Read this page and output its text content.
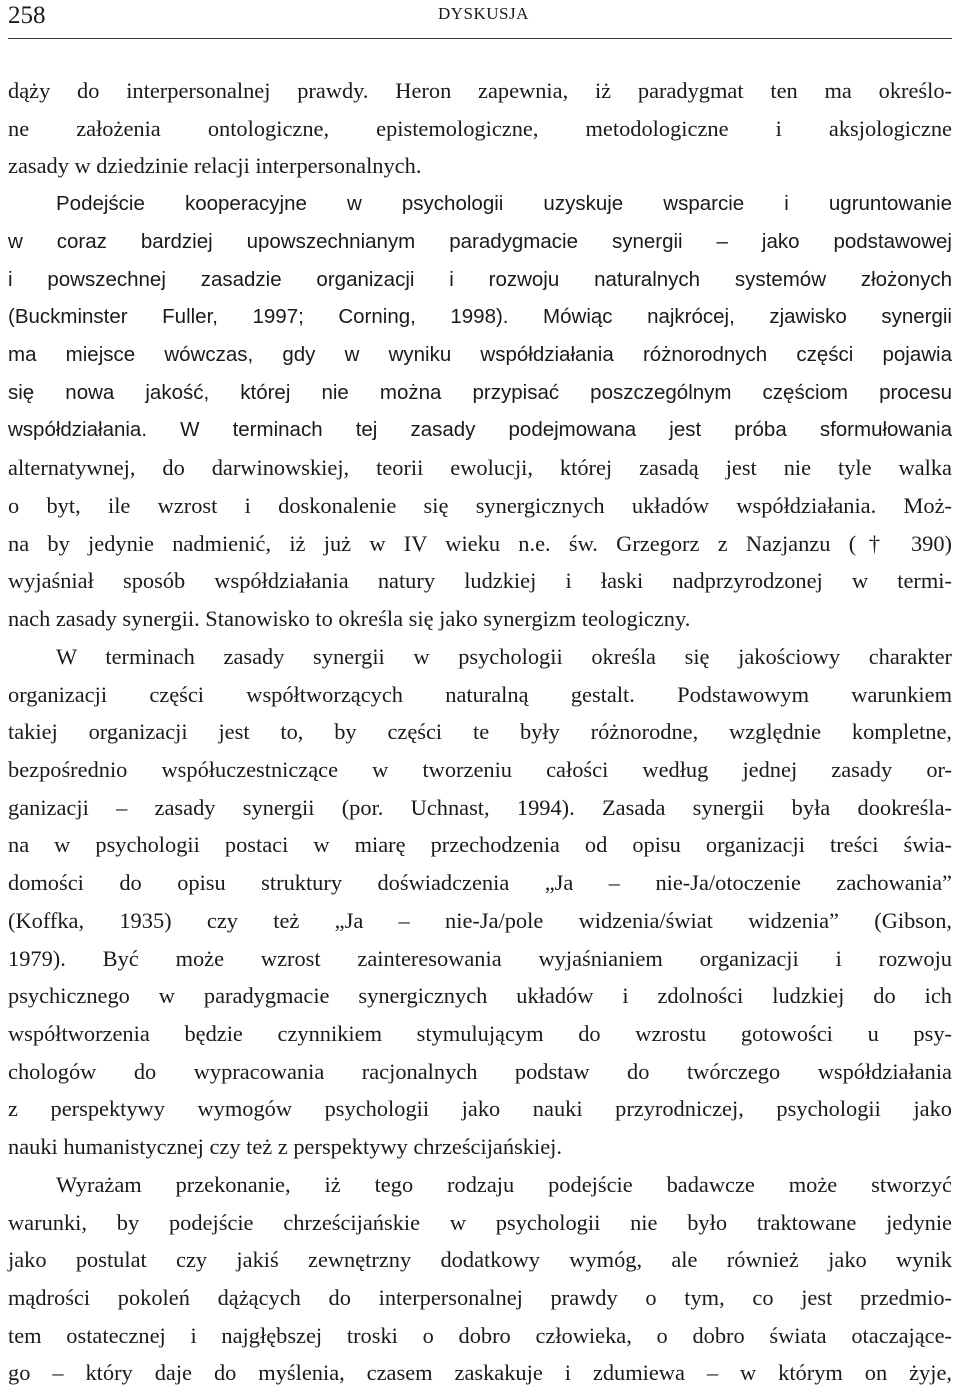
258	DYSKUSJA
dąży do interpersonalnej prawdy. Heron zapewnia, iż paradygmat ten ma określo-
ne założenia ontologiczne, epistemologiczne, metodologiczne i aksjologiczne
zasady w dziedzinie relacji interpersonalnych.
Podejście kooperacyjne w psychologii uzyskuje wsparcie i ugruntowanie
w coraz bardziej upowszechnianym paradygmacie synergii – jako podstawowej
i powszechnej zasadzie organizacji i rozwoju naturalnych systemów złożonych
(Buckminster Fuller, 1997; Corning, 1998). Mówiąc najkrócej, zjawisko synergii
ma miejsce wówczas, gdy w wyniku współdziałania różnorodnych części pojawia
się nowa jakość, której nie można przypisać poszczególnym częściom procesu
współdziałania. W terminach tej zasady podejmowana jest próba sformułowania
alternatywnej, do darwinowskiej, teorii ewolucji, której zasadą jest nie tyle walka
o byt, ile wzrost i doskonalenie się synergicznych układów współdziałania. Moż-
na by jedynie nadmienić, iż już w IV wieku n.e. św. Grzegorz z Nazjanzu († 390)
wyjaśniał sposób współdziałania natury ludzkiej i łaski nadprzyrodzonej w termi-
nach zasady synergii. Stanowisko to określa się jako synergizm teologiczny.
W terminach zasady synergii w psychologii określa się jakościowy charakter
organizacji części współtworzących naturalną gestalt. Podstawowym warunkiem
takiej organizacji jest to, by części te były różnorodne, względnie kompletne,
bezpośrednio współuczestniczące w tworzeniu całości według jednej zasady or-
ganizacji – zasady synergii (por. Uchnast, 1994). Zasada synergii była dookreśla-
na w psychologii postaci w miarę przechodzenia od opisu organizacji treści świa-
domości do opisu struktury doświadczenia „Ja – nie-Ja/otoczenie zachowania”
(Koffka, 1935) czy też „Ja – nie-Ja/pole widzenia/świat widzenia” (Gibson,
1979). Być może wzrost zainteresowania wyjaśnianiem organizacji i rozwoju
psychicznego w paradygmacie synergicznych układów i zdolności ludzkiej do ich
współtworzenia będzie czynnikiem stymulującym do wzrostu gotowości u psy-
chologów do wypracowania racjonalnych podstaw do twórczego współdziałania
z perspektywy wymogów psychologii jako nauki przyrodniczej, psychologii jako
nauki humanistycznej czy też z perspektywy chrześcijańskiej.
Wyrażam przekonanie, iż tego rodzaju podejście badawcze może stworzyć
warunki, by podejście chrześcijańskie w psychologii nie było traktowane jedynie
jako postulat czy jakiś zewnętrzny dodatkowy wymóg, ale również jako wynik
mądrości pokoleń dążących do interpersonalnej prawdy o tym, co jest przedmio-
tem ostatecznej i najgłębszej troski o dobro człowieka, o dobro świata otaczające-
go – który daje do myślenia, czasem zaskakuje i zdumiewa – w którym on żyje,
